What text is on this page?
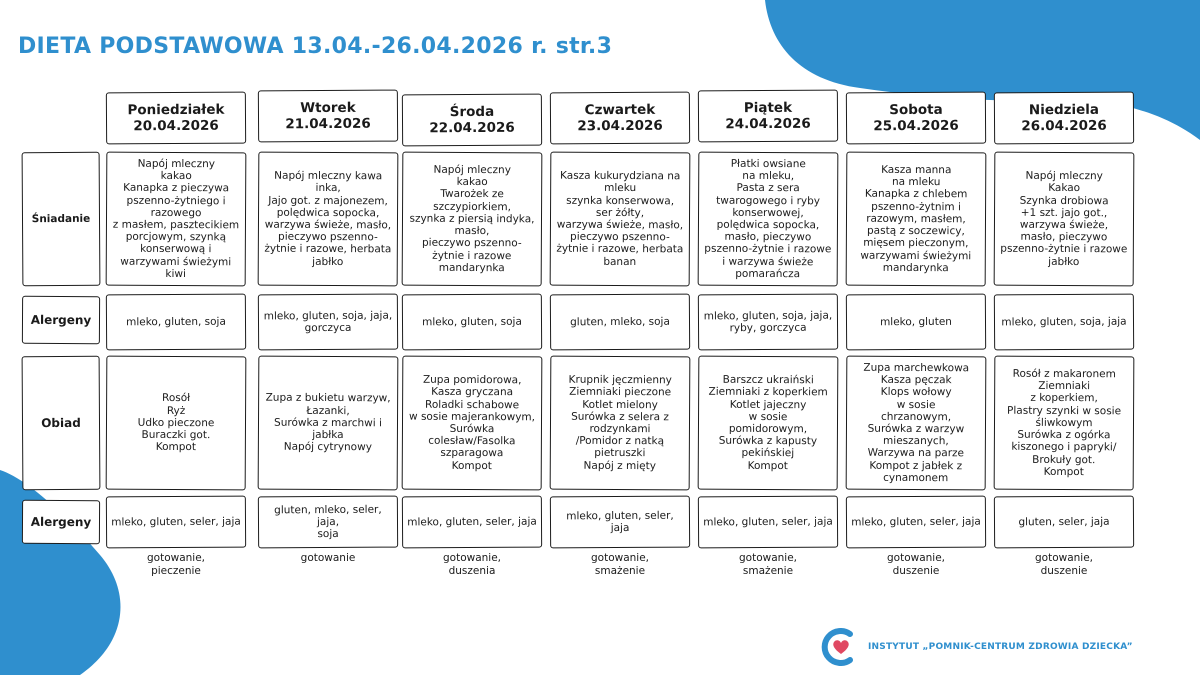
DIETA PODSTAWOWA 13.04.-26.04.2026 r. str.3
Śniadanie
Alergeny
Obiad
Alergeny
Poniedziałek
20.04.2026
Napój mleczny
kakao
Kanapka z pieczywa
pszenno-żytniego i
razowego
z masłem, pasztecikiem
porcjowym, szynką
konserwową i
warzywami świeżymi
kiwi
mleko, gluten, soja
Rosół
Ryż
Udko pieczone
Buraczki got.
Kompot
mleko, gluten, seler, jaja
gotowanie,
pieczenie
Wtorek
21.04.2026
Napój mleczny kawa
inka,
Jajo got. z majonezem,
polędwica sopocka,
warzywa świeże, masło,
pieczywo pszenno-
żytnie i razowe, herbata
jabłko
mleko, gluten, soja, jaja,
gorczyca
Zupa z bukietu warzyw,
Łazanki,
Surówka z marchwi i
jabłka
Napój cytrynowy
gluten, mleko, seler, jaja,
soja
gotowanie
Środa
22.04.2026
Napój mleczny
kakao
Twarożek ze
szczypiorkiem,
szynka z piersią indyka,
masło,
pieczywo pszenno-
żytnie i razowe
mandarynka
mleko, gluten, soja
Zupa pomidorowa,
Kasza gryczana
Roladki schabowe
w sosie majerankowym,
Surówka
colesław/Fasolka
szparagowa
Kompot
mleko, gluten, seler, jaja
gotowanie,
duszenia
Czwartek
23.04.2026
Kasza kukurydziana na
mleku
szynka konserwowa,
ser żółty,
warzywa świeże, masło,
pieczywo pszenno-
żytnie i razowe, herbata
banan
gluten, mleko, soja
Krupnik jęczmienny
Ziemniaki pieczone
Kotlet mielony
Surówka z selera z
rodzynkami
/Pomidor z natką
pietruszki
Napój z mięty
mleko, gluten, seler,
jaja
gotowanie,
smażenie
Piątek
24.04.2026
Płatki owsiane
na mleku,
Pasta z sera
twarogowego i ryby
konserwowej,
polędwica sopocka,
masło, pieczywo
pszenno-żytnie i razowe
i warzywa świeże
pomarańcza
mleko, gluten, soja, jaja,
ryby, gorczyca
Barszcz ukraiński
Ziemniaki z koperkiem
Kotlet jajeczny
w sosie
pomidorowym,
Surówka z kapusty
pekińskiej
Kompot
mleko, gluten, seler, jaja
gotowanie,
smażenie
Sobota
25.04.2026
Kasza manna
na mleku
Kanapka z chlebem
pszenno-żytnim i
razowym, masłem,
pastą z soczewicy,
mięsem pieczonym,
warzywami świeżymi
mandarynka
mleko, gluten
Zupa marchewkowa
Kasza pęczak
Klops wołowy
w sosie
chrzanowym,
Surówka z warzyw
mieszanych,
Warzywa na parze
Kompot z jabłek z
cynamonem
mleko, gluten, seler, jaja
gotowanie,
duszenie
Niedziela
26.04.2026
Napój mleczny
Kakao
Szynka drobiowa
+1 szt. jajo got.,
warzywa świeże,
masło, pieczywo
pszenno-żytnie i razowe
jabłko
mleko, gluten, soja, jaja
Rosół z makaronem
Ziemniaki
z koperkiem,
Plastry szynki w sosie
śliwkowym
Surówka z ogórka
kiszonego i papryki/
Brokuły got.
Kompot
gluten, seler, jaja
gotowanie,
duszenie
INSTYTUT „POMNIK-CENTRUM ZDROWIA DZIECKA”
